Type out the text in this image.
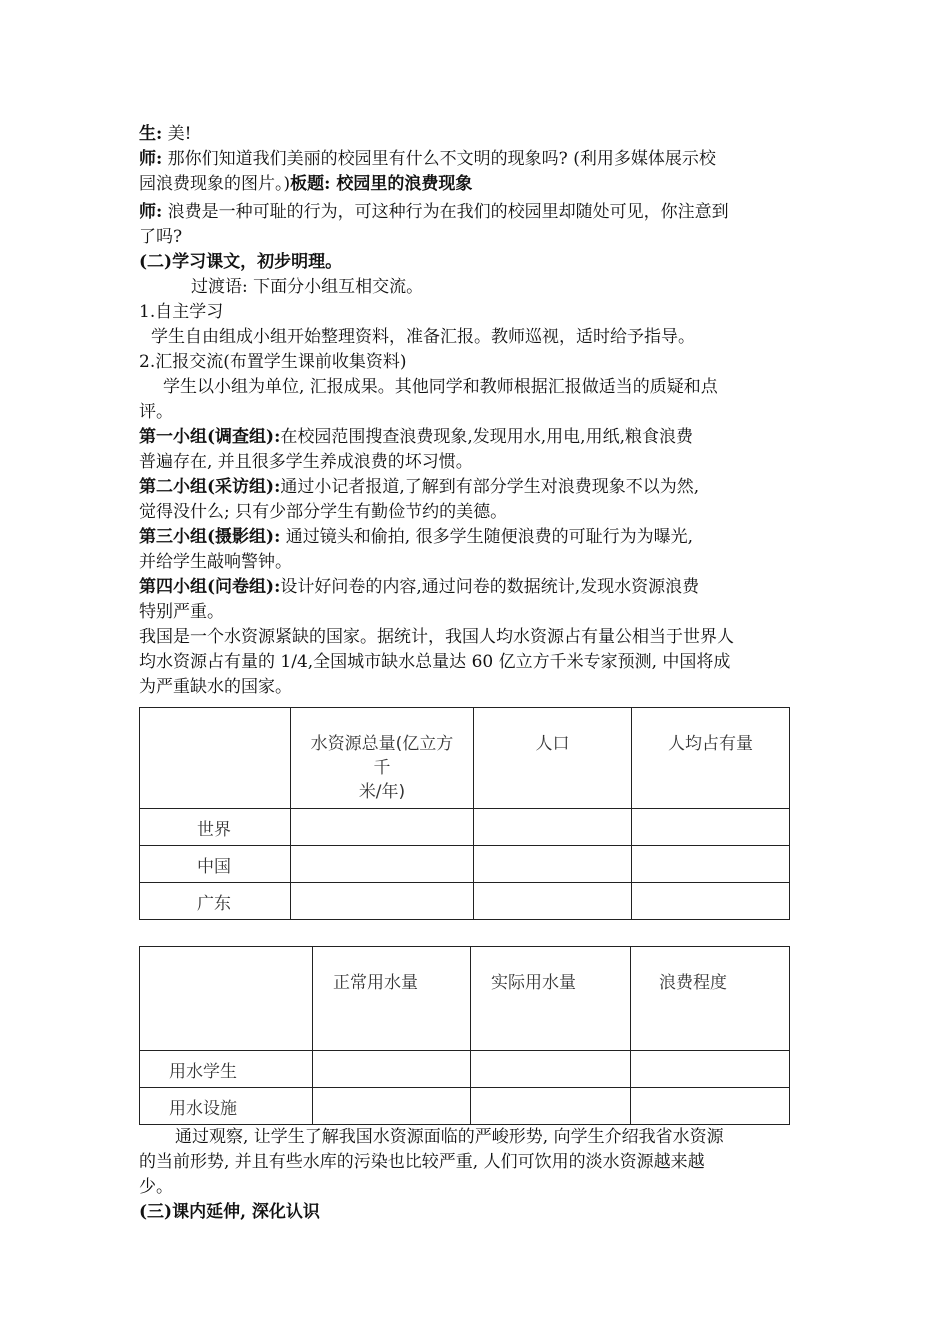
生: 美!
师: 那你们知道我们美丽的校园里有什么不文明的现象吗? (利用多媒体展示校
园浪费现象的图片。)板题: 校园里的浪费现象
师: 浪费是一种可耻的行为，可这种行为在我们的校园里却随处可见，你注意到
了吗?
(二)学习课文，初步明理。
过渡语: 下面分小组互相交流。
1.自主学习
学生自由组成小组开始整理资料，准备汇报。教师巡视，适时给予指导。
2.汇报交流(布置学生课前收集资料)
学生以小组为单位, 汇报成果。其他同学和教师根据汇报做适当的质疑和点
评。
第一小组(调查组):在校园范围搜查浪费现象,发现用水,用电,用纸,粮食浪费
普遍存在, 并且很多学生养成浪费的坏习惯。
第二小组(采访组):通过小记者报道,了解到有部分学生对浪费现象不以为然,
觉得没什么; 只有少部分学生有勤俭节约的美德。
第三小组(摄影组): 通过镜头和偷拍, 很多学生随便浪费的可耻行为为曝光,
并给学生敲响警钟。
第四小组(问卷组):设计好问卷的内容,通过问卷的数据统计,发现水资源浪费
特别严重。
我国是一个水资源紧缺的国家。据统计，我国人均水资源占有量公相当于世界人
均水资源占有量的 1/4,全国城市缺水总量达 60 亿立方千米专家预测, 中国将成
为严重缺水的国家。

	水资源总量(亿立方
千
米/年)	人口	人均占有量

世界			
中国			
广东			

	正常用水量	实际用水量	浪费程度

用水学生			
用水设施			
通过观察, 让学生了解我国水资源面临的严峻形势, 向学生介绍我省水资源
的当前形势, 并且有些水库的污染也比较严重, 人们可饮用的淡水资源越来越
少。
(三)课内延伸, 深化认识
